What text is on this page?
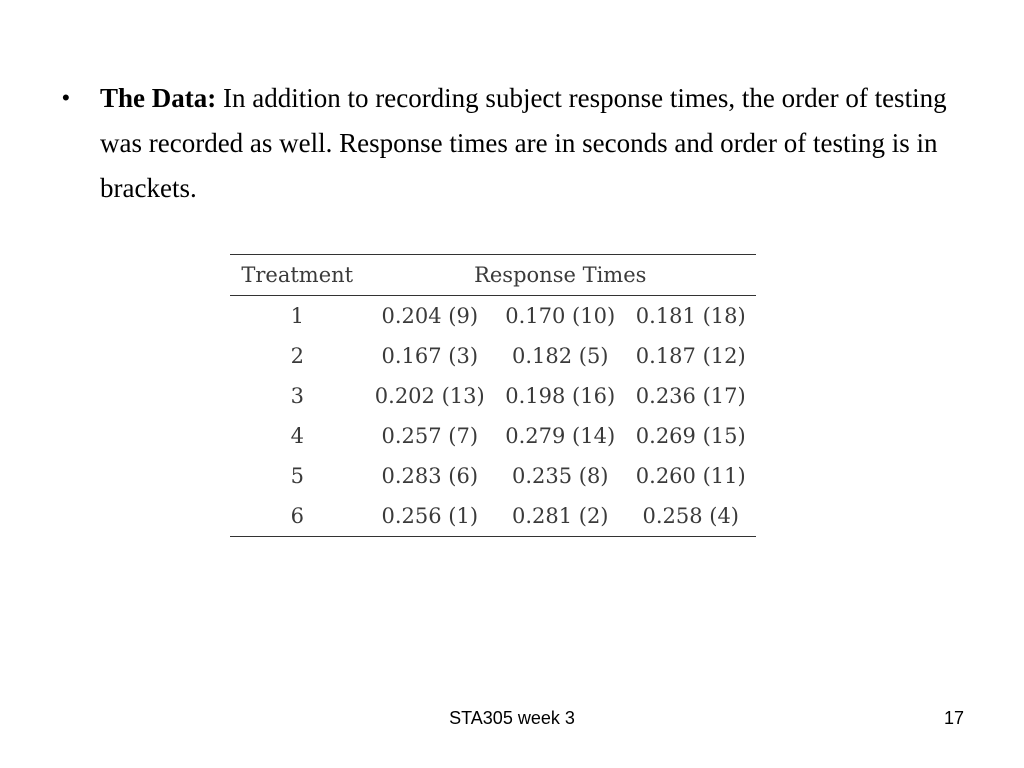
•	The Data: In addition to recording subject response times, the order of testing was recorded as well. Response times are in seconds and order of testing is in brackets.
Treatment	Response Times		
1	0.204 (9)	0.170 (10)	0.181 (18)
2	0.167 (3)	0.182 (5)	0.187 (12)
3	0.202 (13)	0.198 (16)	0.236 (17)
4	0.257 (7)	0.279 (14)	0.269 (15)
5	0.283 (6)	0.235 (8)	0.260 (11)
6	0.256 (1)	0.281 (2)	0.258 (4)
STA305 week 3	17
